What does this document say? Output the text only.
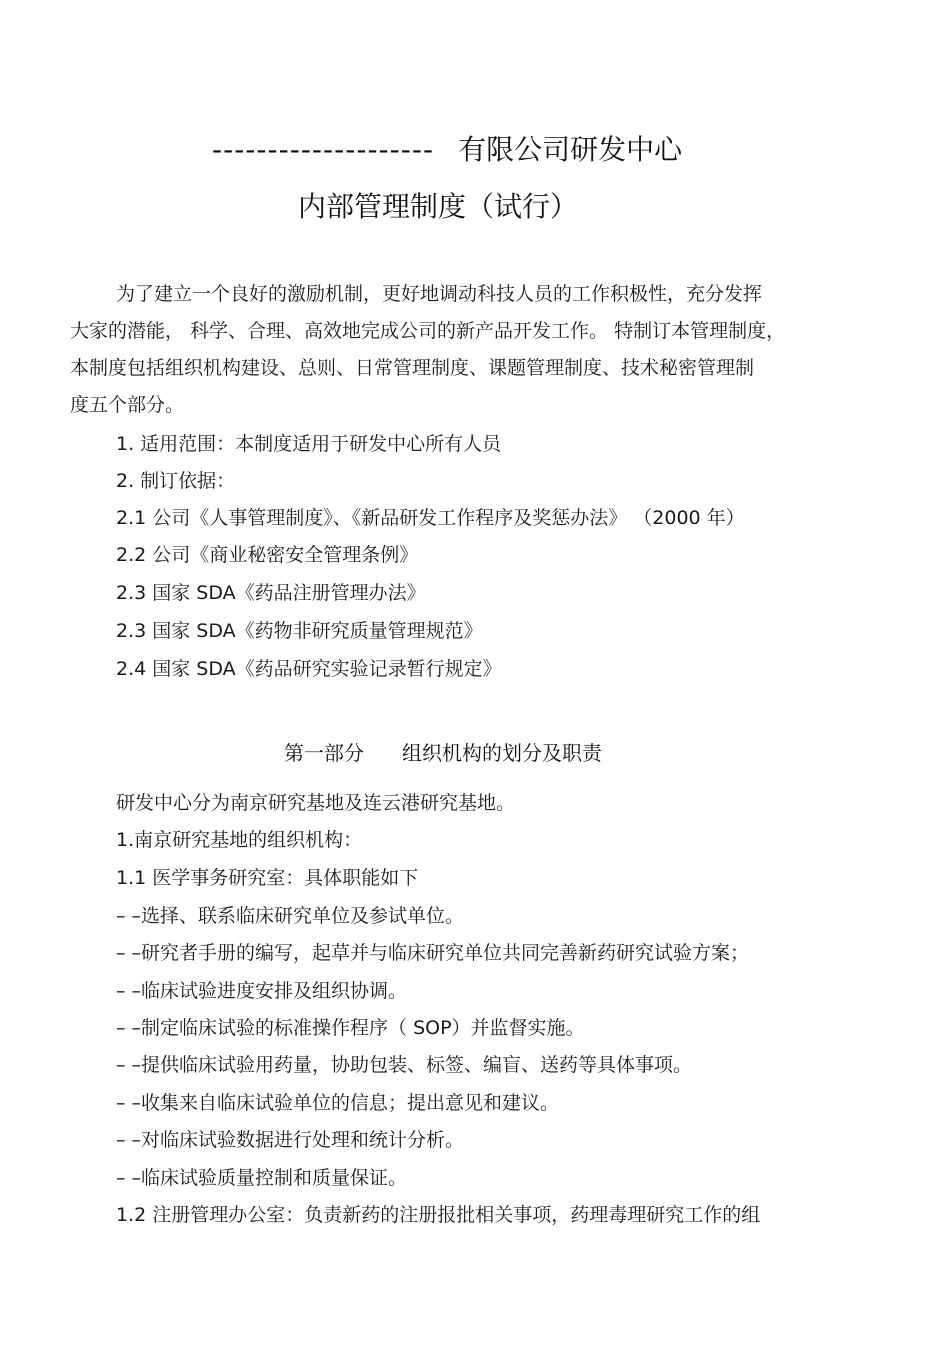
-------------------- 有限公司研发中心
内部管理制度（试行）
为了建立一个良好的激励机制，更好地调动科技人员的工作积极性，充分发挥
大家的潜能， 科学、合理、高效地完成公司的新产品开发工作。 特制订本管理制度，
本制度包括组织机构建设、总则、日常管理制度、课题管理制度、技术秘密管理制
度五个部分。
1. 适用范围：本制度适用于研发中心所有人员
2. 制订依据：
2.1 公司《人事管理制度》、《新品研发工作程序及奖惩办法》 （2000 年）
2.2 公司《商业秘密安全管理条例》
2.3 国家 SDA《药品注册管理办法》
2.3 国家 SDA《药物非研究质量管理规范》
2.4 国家 SDA《药品研究实验记录暂行规定》
第一部分 组织机构的划分及职责
研发中心分为南京研究基地及连云港研究基地。
1.南京研究基地的组织机构：
1.1 医学事务研究室：具体职能如下
– –选择、联系临床研究单位及参试单位。
– –研究者手册的编写，起草并与临床研究单位共同完善新药研究试验方案；
– –临床试验进度安排及组织协调。
– –制定临床试验的标准操作程序（ SOP）并监督实施。
– –提供临床试验用药量，协助包装、标签、编盲、送药等具体事项。
– –收集来自临床试验单位的信息；提出意见和建议。
– –对临床试验数据进行处理和统计分析。
– –临床试验质量控制和质量保证。
1.2 注册管理办公室：负责新药的注册报批相关事项，药理毒理研究工作的组
